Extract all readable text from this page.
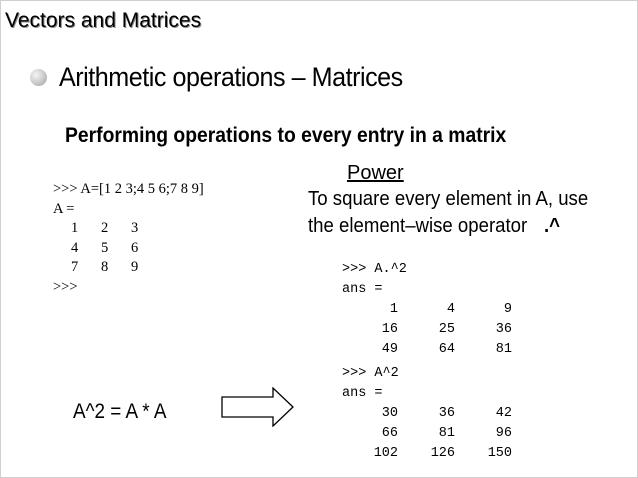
Vectors and Matrices
Arithmetic operations – Matrices
Performing operations to every entry in a matrix
>>> A=[1 2 3;4 5 6;7 8 9]
A =
1 2 3
4 5 6
7 8 9
>>>
Power
To square every element in A, use
the element–wise operator .^
>>> A.^2
ans =
1	4	9
16	25	36
49	64	81
>>> A^2
ans =
30	36	42
66	81	96
102 126 150
A^2 = A * A
